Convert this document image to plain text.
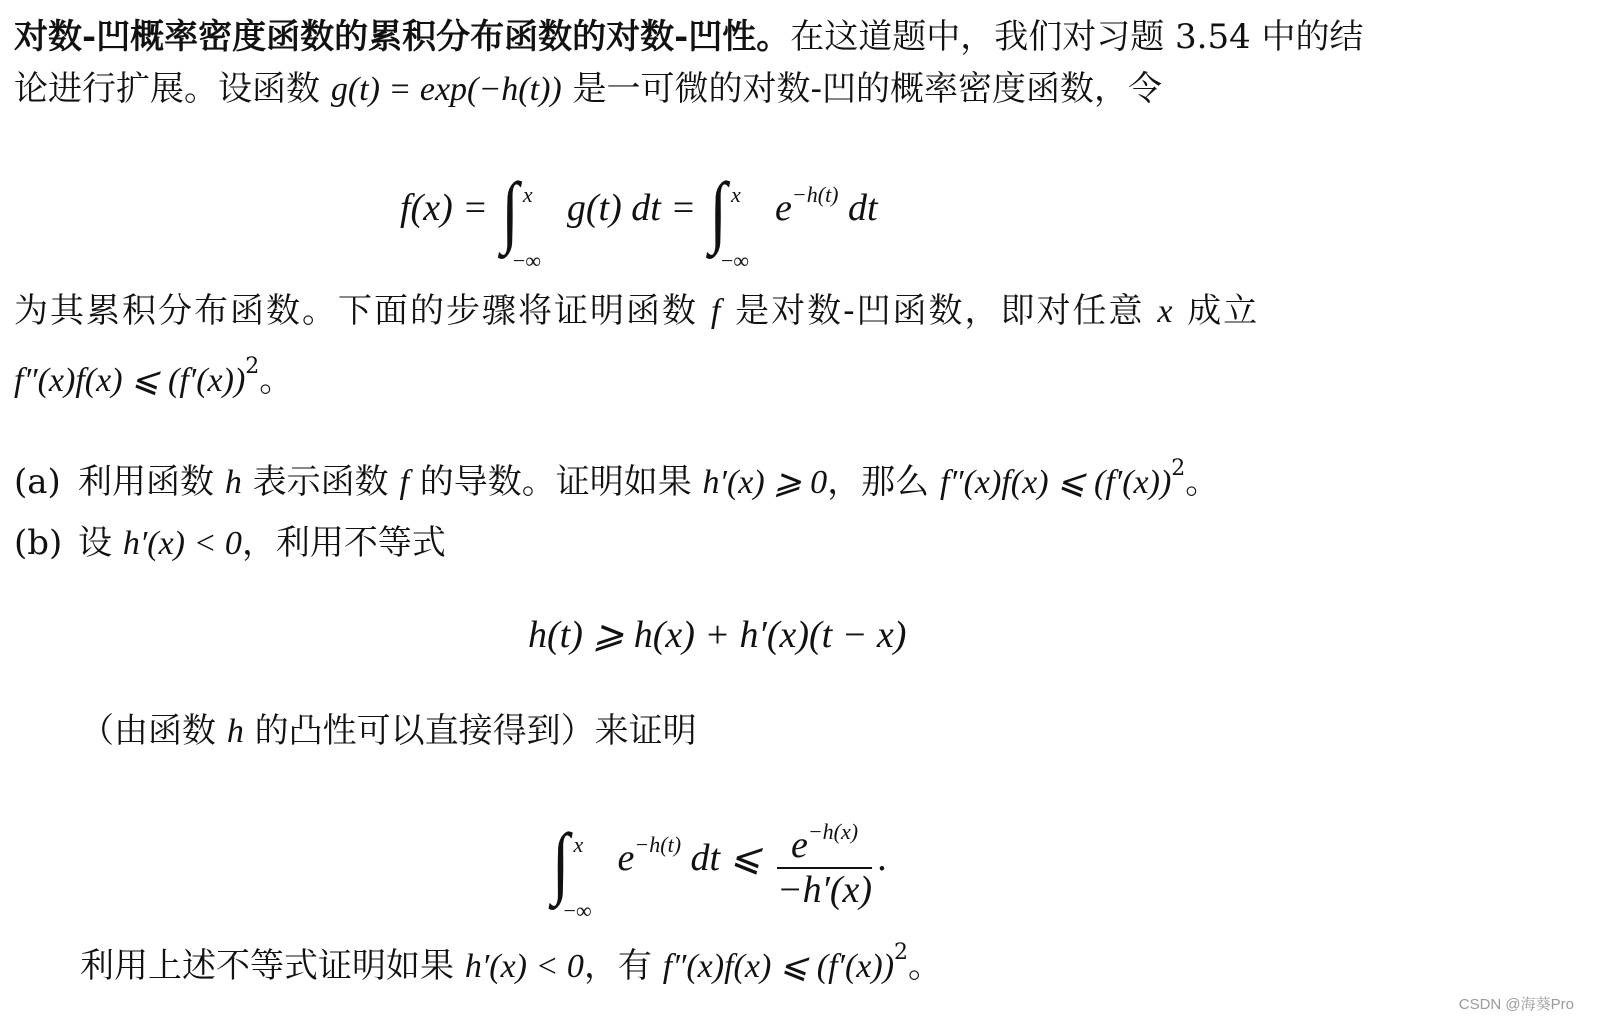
对数-凹概率密度函数的累积分布函数的对数-凹性。在这道题中，我们对习题 3.54 中的结
论进行扩展。设函数 g(t) = exp(−h(t)) 是一可微的对数-凹的概率密度函数，令
f(x) = ∫ x
−∞
g(t) dt = ∫ x
−∞
$e^{-h(t)}$ dt
为其累积分布函数。下面的步骤将证明函数 f 是对数-凹函数，即对任意 x 成立
f″(x)f(x) ⩽ $(f'(x))^2$。
(a) 利用函数 h 表示函数 f 的导数。证明如果 h′(x) ⩾ 0，那么 f″(x)f(x) ⩽ $(f'(x))^2$。
(b) 设 h′(x) < 0，利用不等式
h(t) ⩾ h(x) + h′(x)(t − x)
（由函数 h 的凸性可以直接得到）来证明
∫ x
−∞
$e^{-h(t)}$ dt ⩽ $\frac{e^{-h(x)}}{-h'(x)}$ .
利用上述不等式证明如果 h′(x) < 0，有 f″(x)f(x) ⩽ $(f'(x))^2$。
CSDN @海葵Pro
